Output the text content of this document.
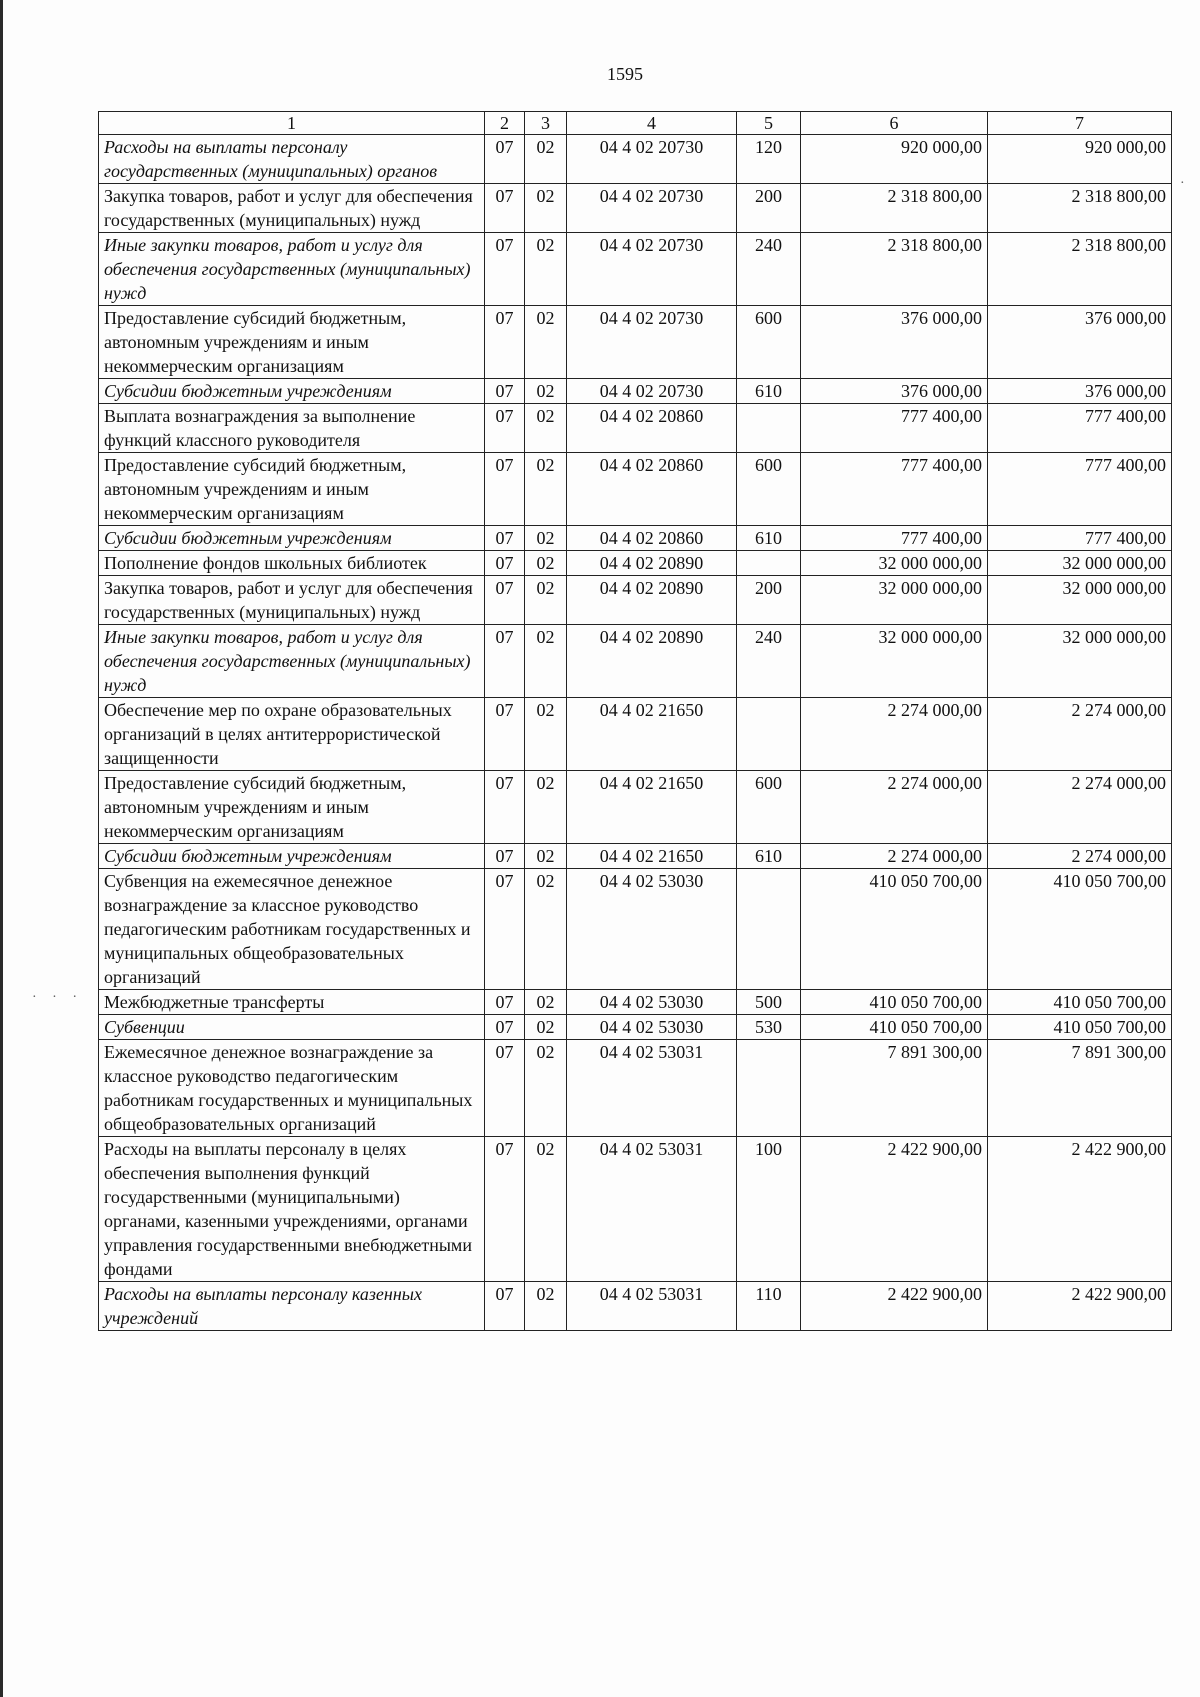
1595
·
· · ·
1	2	3	4	5	6	7
Расходы на выплаты персоналу государственных (муниципальных) органов	07	02	04 4 02 20730	120	920 000,00	920 000,00
Закупка товаров, работ и услуг для обеспечения государственных (муниципальных) нужд	07	02	04 4 02 20730	200	2 318 800,00	2 318 800,00
Иные закупки товаров, работ и услуг для обеспечения государственных (муниципальных) нужд	07	02	04 4 02 20730	240	2 318 800,00	2 318 800,00
Предоставление субсидий бюджетным, автономным учреждениям и иным некоммерческим организациям	07	02	04 4 02 20730	600	376 000,00	376 000,00
Субсидии бюджетным учреждениям	07	02	04 4 02 20730	610	376 000,00	376 000,00
Выплата вознаграждения за выполнение функций классного руководителя	07	02	04 4 02 20860		777 400,00	777 400,00
Предоставление субсидий бюджетным, автономным учреждениям и иным некоммерческим организациям	07	02	04 4 02 20860	600	777 400,00	777 400,00
Субсидии бюджетным учреждениям	07	02	04 4 02 20860	610	777 400,00	777 400,00
Пополнение фондов школьных библиотек	07	02	04 4 02 20890		32 000 000,00	32 000 000,00
Закупка товаров, работ и услуг для обеспечения государственных (муниципальных) нужд	07	02	04 4 02 20890	200	32 000 000,00	32 000 000,00
Иные закупки товаров, работ и услуг для обеспечения государственных (муниципальных) нужд	07	02	04 4 02 20890	240	32 000 000,00	32 000 000,00
Обеспечение мер по охране образовательных организаций в целях антитеррористической защищенности	07	02	04 4 02 21650		2 274 000,00	2 274 000,00
Предоставление субсидий бюджетным, автономным учреждениям и иным некоммерческим организациям	07	02	04 4 02 21650	600	2 274 000,00	2 274 000,00
Субсидии бюджетным учреждениям	07	02	04 4 02 21650	610	2 274 000,00	2 274 000,00
Субвенция на ежемесячное денежное вознаграждение за классное руководство педагогическим работникам государственных и муниципальных общеобразовательных организаций	07	02	04 4 02 53030		410 050 700,00	410 050 700,00
Межбюджетные трансферты	07	02	04 4 02 53030	500	410 050 700,00	410 050 700,00
Субвенции	07	02	04 4 02 53030	530	410 050 700,00	410 050 700,00
Ежемесячное денежное вознаграждение за классное руководство педагогическим работникам государственных и муниципальных общеобразовательных организаций	07	02	04 4 02 53031		7 891 300,00	7 891 300,00
Расходы на выплаты персоналу в целях обеспечения выполнения функций государственными (муниципальными) органами, казенными учреждениями, органами управления государственными внебюджетными фондами	07	02	04 4 02 53031	100	2 422 900,00	2 422 900,00
Расходы на выплаты персоналу казенных учреждений	07	02	04 4 02 53031	110	2 422 900,00	2 422 900,00
